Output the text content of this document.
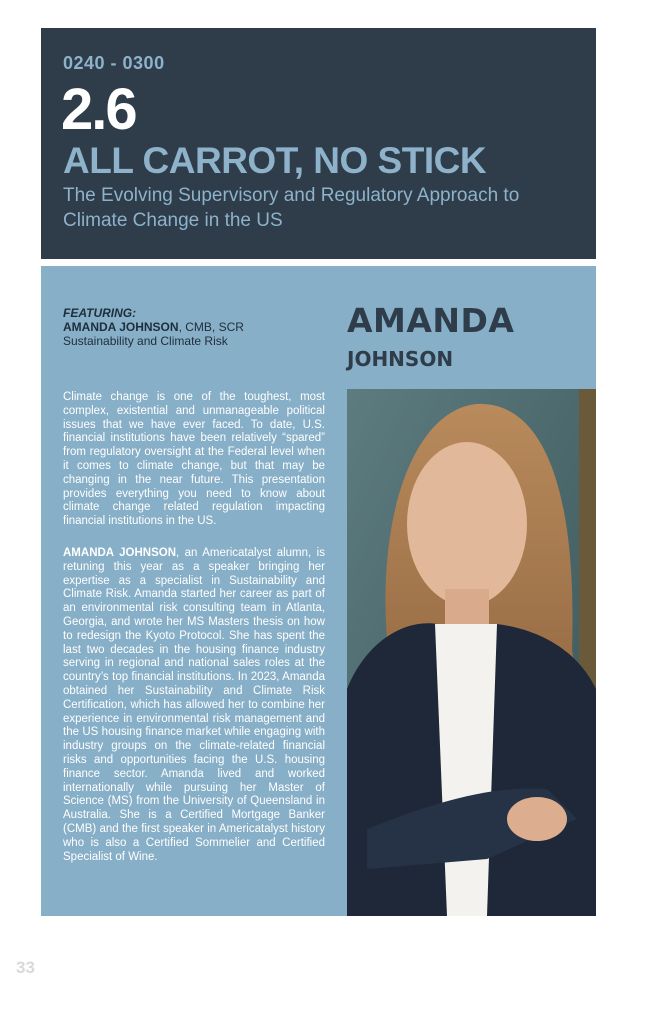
0240 - 0300
2.6
ALL CARROT, NO STICK
The Evolving Supervisory and Regulatory Approach to Climate Change in the US
FEATURING:
AMANDA JOHNSON, CMB, SCR
Sustainability and Climate Risk
AMANDA
JOHNSON
Climate change is one of the toughest, most complex, existential and unmanageable political issues that we have ever faced. To date, U.S. financial institutions have been relatively “spared” from regulatory oversight at the Federal level when it comes to climate change, but that may be changing in the near future. This presentation provides everything you need to know about climate change related regulation impacting financial institutions in the US.
AMANDA JOHNSON, an Americatalyst alumn, is retuning this year as a speaker bringing her expertise as a specialist in Sustainability and Climate Risk. Amanda started her career as part of an environmental risk consulting team in Atlanta, Georgia, and wrote her MS Masters thesis on how to redesign the Kyoto Protocol. She has spent the last two decades in the housing finance industry serving in regional and national sales roles at the country’s top financial institutions. In 2023, Amanda obtained her Sustainability and Climate Risk Certification, which has allowed her to combine her experience in environmental risk management and the US housing finance market while engaging with industry groups on the climate-related financial risks and opportunities facing the U.S. housing finance sector. Amanda lived and worked internationally while pursuing her Master of Science (MS) from the University of Queensland in Australia. She is a Certified Mortgage Banker (CMB) and the first speaker in Americatalyst history who is also a Certified Sommelier and Certified Specialist of Wine.
33
